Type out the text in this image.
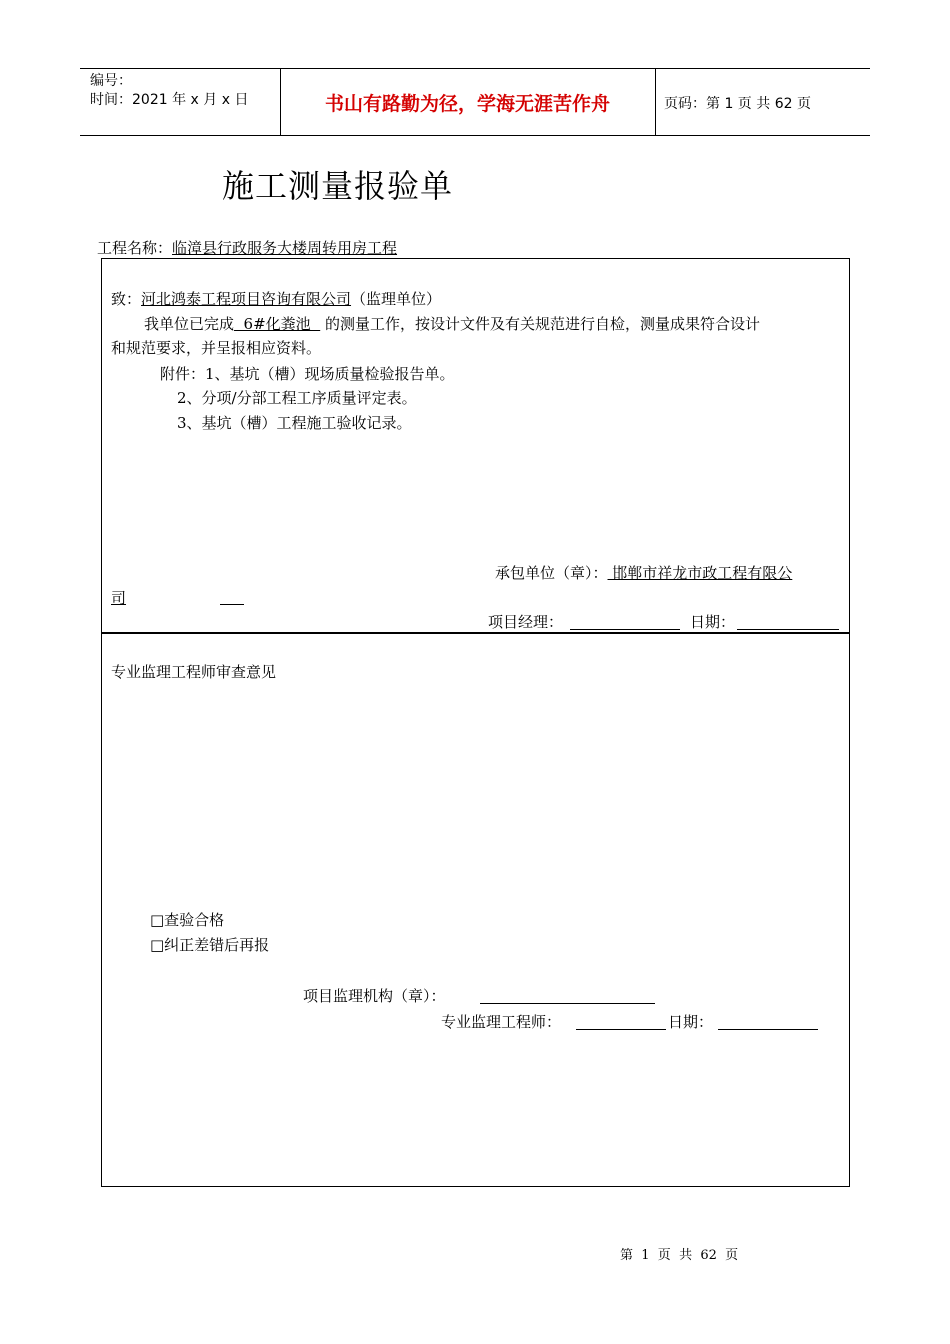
编号：
时间：2021 年 x 月 x 日	书山有路勤为径，学海无涯苦作舟	页码：第 1 页 共 62 页
施工测量报验单
工程名称：临漳县行政服务大楼周转用房工程
致：河北鸿泰工程项目咨询有限公司（监理单位）
我单位已完成  6#化粪池   的测量工作，按设计文件及有关规范进行自检，测量成果符合设计
和规范要求，并呈报相应资料。
附件：1、基坑（槽）现场质量检验报告单。
2、分项/分部工程工序质量评定表。
3、基坑（槽）工程施工验收记录。
承包单位（章）： 邯郸市祥龙市政工程有限公
司
项目经理：	日期：
专业监理工程师审查意见
□查验合格
□纠正差错后再报
项目监理机构（章）：
专业监理工程师：	日期：
第  1  页  共  62  页
